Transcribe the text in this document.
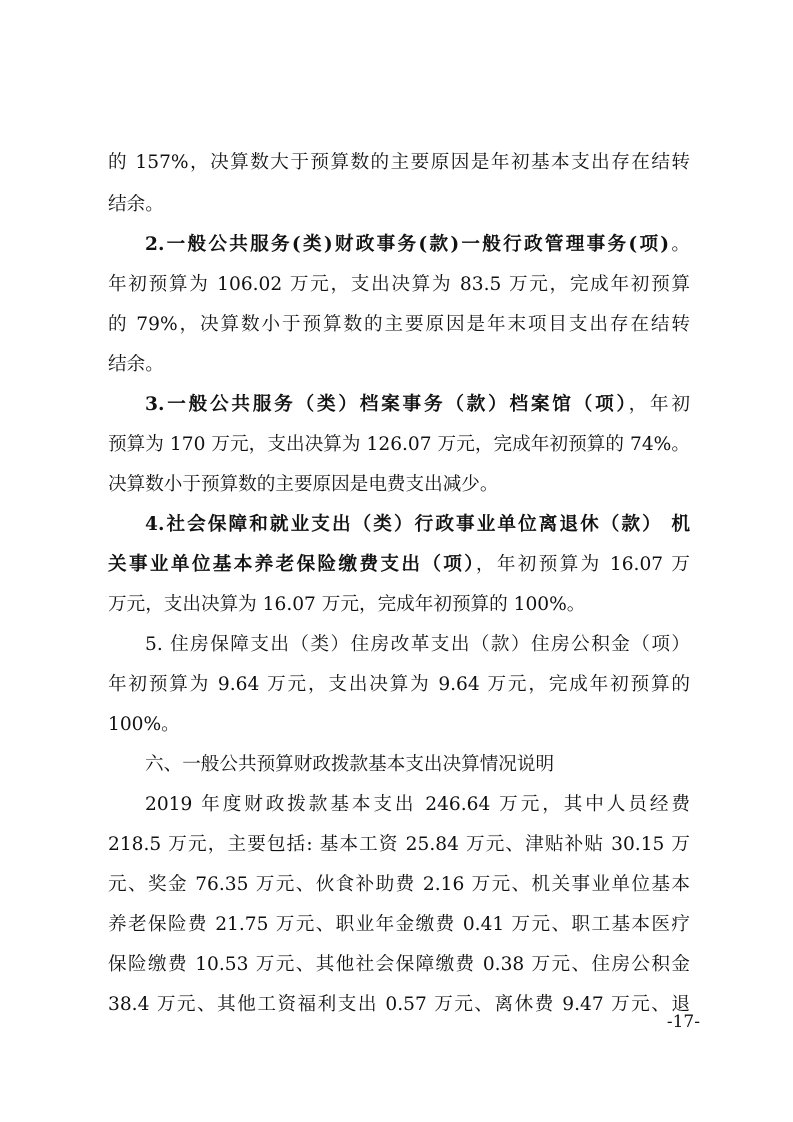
的 157%，决算数大于预算数的主要原因是年初基本支出存在结转
结余。
2.一般公共服务(类)财政事务(款)一般行政管理事务(项)。
年初预算为 106.02 万元，支出决算为 83.5 万元，完成年初预算
的 79%，决算数小于预算数的主要原因是年末项目支出存在结转
结余。
3.一般公共服务（类）档案事务（款）档案馆（项），年初
预算为 170 万元，支出决算为 126.07 万元，完成年初预算的 74%。
决算数小于预算数的主要原因是电费支出减少。
4.社会保障和就业支出（类）行政事业单位离退休（款） 机
关事业单位基本养老保险缴费支出（项），年初预算为 16.07 万
万元，支出决算为 16.07 万元，完成年初预算的 100%。
5. 住房保障支出（类）住房改革支出（款）住房公积金（项）
年初预算为 9.64 万元，支出决算为 9.64 万元，完成年初预算的
100%。
六、一般公共预算财政拨款基本支出决算情况说明
2019 年度财政拨款基本支出 246.64 万元，其中人员经费
218.5 万元，主要包括: 基本工资 25.84 万元、津贴补贴 30.15 万
元、奖金 76.35 万元、伙食补助费 2.16 万元、机关事业单位基本
养老保险费 21.75 万元、职业年金缴费 0.41 万元、职工基本医疗
保险缴费 10.53 万元、其他社会保障缴费 0.38 万元、住房公积金
38.4 万元、其他工资福利支出 0.57 万元、离休费 9.47 万元、退
-17-
